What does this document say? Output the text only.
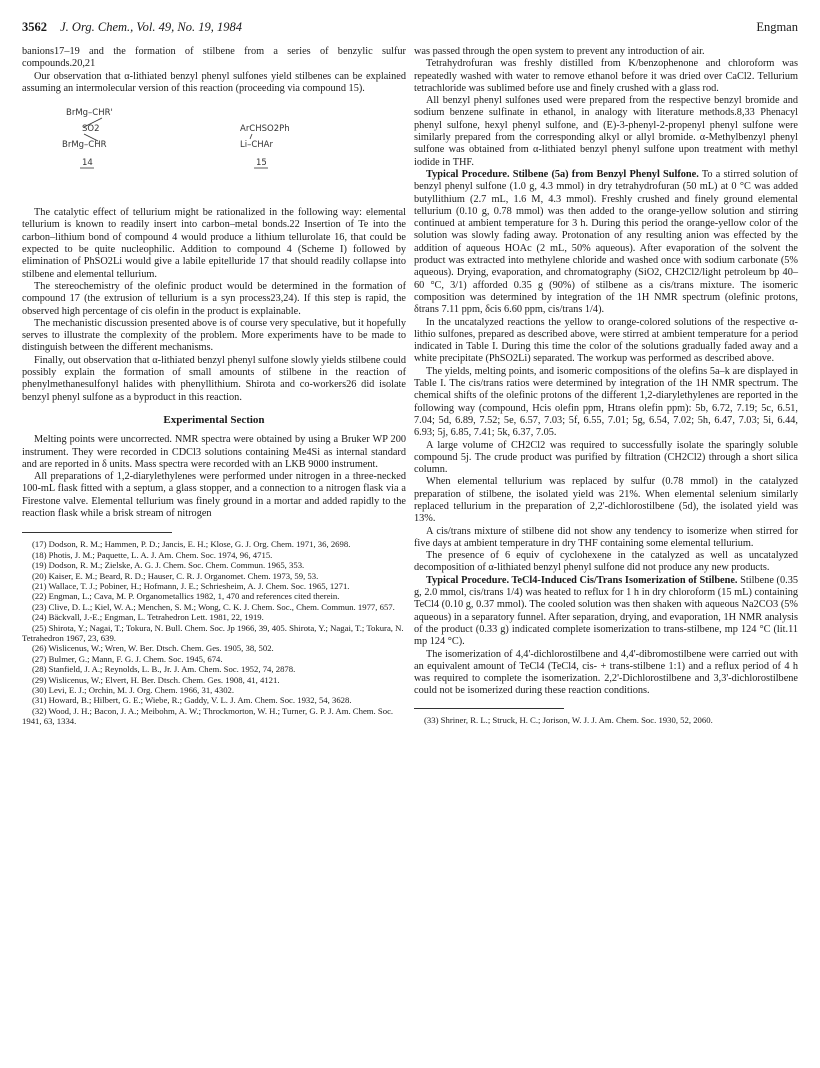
3562 J. Org. Chem., Vol. 49, No. 19, 1984	Engman

banions17–19 and the formation of stilbene from a series of benzylic sulfur compounds.20,21

Our observation that α-lithiated benzyl phenyl sulfones yield stilbenes can be explained assuming an intermolecular version of this reaction (proceeding via compound 15).

BrMg–CHR'
SO2
BrMg–CHR
14
ArCHSO2Ph
Li–CHAr
15

The catalytic effect of tellurium might be rationalized in the following way: elemental tellurium is known to readily insert into carbon–metal bonds.22 Insertion of Te into the carbon–lithium bond of compound 4 would produce a lithium tellurolate 16, that could be expected to be quite nucleophilic. Addition to compound 4 (Scheme I) followed by elimination of PhSO2Li would give a labile epitelluride 17 that should readily collapse into stilbene and elemental tellurium.

The stereochemistry of the olefinic product would be determined in the formation of compound 17 (the extrusion of tellurium is a syn process23,24). If this step is rapid, the observed high percentage of cis olefin in the product is explainable.

The mechanistic discussion presented above is of course very speculative, but it hopefully serves to illustrate the complexity of the problem. More experiments have to be made to distinguish between the different mechanisms.

Finally, out observation that α-lithiated benzyl phenyl sulfone slowly yields stilbene could possibly explain the formation of small amounts of stilbene in the reaction of phenylmethanesulfonyl halides with phenyllithium. Shirota and co-workers26 did isolate benzyl phenyl sulfone as a byproduct in this reaction.

Experimental Section

Melting points were uncorrected. NMR spectra were obtained by using a Bruker WP 200 instrument. They were recorded in CDCl3 solutions containing Me4Si as internal standard and are reported in δ units. Mass spectra were recorded with an LKB 9000 instrument.

All preparations of 1,2-diarylethylenes were performed under nitrogen in a three-necked 100-mL flask fitted with a septum, a glass stopper, and a connection to a nitrogen flask via a Firestone valve. Elemental tellurium was finely ground in a mortar and added rapidly to the reaction flask while a brisk stream of nitrogen

(17) Dodson, R. M.; Hammen, P. D.; Jancis, E. H.; Klose, G. J. Org. Chem. 1971, 36, 2698.
(18) Photis, J. M.; Paquette, L. A. J. Am. Chem. Soc. 1974, 96, 4715.
(19) Dodson, R. M.; Zielske, A. G. J. Chem. Soc. Chem. Commun. 1965, 353.
(20) Kaiser, E. M.; Beard, R. D.; Hauser, C. R. J. Organomet. Chem. 1973, 59, 53.
(21) Wallace, T. J.; Pobiner, H.; Hofmann, J. E.; Schriesheim, A. J. Chem. Soc. 1965, 1271.
(22) Engman, L.; Cava, M. P. Organometallics 1982, 1, 470 and references cited therein.
(23) Clive, D. L.; Kiel, W. A.; Menchen, S. M.; Wong, C. K. J. Chem. Soc., Chem. Commun. 1977, 657.
(24) Bäckvall, J.-E.; Engman, L. Tetrahedron Lett. 1981, 22, 1919.
(25) Shirota, Y.; Nagai, T.; Tokura, N. Bull. Chem. Soc. Jp 1966, 39, 405. Shirota, Y.; Nagai, T.; Tokura, N. Tetrahedron 1967, 23, 639.
(26) Wislicenus, W.; Wren, W. Ber. Dtsch. Chem. Ges. 1905, 38, 502.
(27) Bulmer, G.; Mann, F. G. J. Chem. Soc. 1945, 674.
(28) Stanfield, J. A.; Reynolds, L. B., Jr. J. Am. Chem. Soc. 1952, 74, 2878.
(29) Wislicenus, W.; Elvert, H. Ber. Dtsch. Chem. Ges. 1908, 41, 4121.
(30) Levi, E. J.; Orchin, M. J. Org. Chem. 1966, 31, 4302.
(31) Howard, B.; Hilbert, G. E.; Wiebe, R.; Gaddy, V. L. J. Am. Chem. Soc. 1932, 54, 3628.
(32) Wood, J. H.; Bacon, J. A.; Meibohm, A. W.; Throckmorton, W. H.; Turner, G. P. J. Am. Chem. Soc. 1941, 63, 1334.

was passed through the open system to prevent any introduction of air.

Tetrahydrofuran was freshly distilled from K/benzophenone and chloroform was repeatedly washed with water to remove ethanol before it was dried over CaCl2. Tellurium tetrachloride was sublimed before use and finely crushed with a glass rod.

All benzyl phenyl sulfones used were prepared from the respective benzyl bromide and sodium benzene sulfinate in ethanol, in analogy with literature methods.8,33 Phenacyl phenyl sulfone, hexyl phenyl sulfone, and (E)-3-phenyl-2-propenyl phenyl sulfone were similarly prepared from the corresponding alkyl or allyl bromide. α-Methylbenzyl phenyl sulfone was obtained from α-lithiated benzyl phenyl sulfone upon treatment with methyl iodide in THF.

Typical Procedure. Stilbene (5a) from Benzyl Phenyl Sulfone. To a stirred solution of benzyl phenyl sulfone (1.0 g, 4.3 mmol) in dry tetrahydrofuran (50 mL) at 0 °C was added butyllithium (2.7 mL, 1.6 M, 4.3 mmol). Freshly crushed and finely ground elemental tellurium (0.10 g, 0.78 mmol) was then added to the orange-yellow solution and stirring continued at ambient temperature for 3 h. During this period the orange-yellow color of the solution was slowly fading away. Protonation of any resulting anion was effected by the addition of aqueous HOAc (2 mL, 50% aqueous). After evaporation of the solvent the product was extracted into methylene chloride and washed once with sodium carbonate (5% aqueous). Drying, evaporation, and chromatography (SiO2, CH2Cl2/light petroleum bp 40–60 °C, 3/1) afforded 0.35 g (90%) of stilbene as a cis/trans mixture. The isomeric composition was determined by integration of the 1H NMR spectrum (olefinic protons, δtrans 7.11 ppm, δcis 6.60 ppm, cis/trans 1/4).

In the uncatalyzed reactions the yellow to orange-colored solutions of the respective α-lithio sulfones, prepared as described above, were stirred at ambient temperature for a period indicated in Table I. During this time the color of the solutions gradually faded away and a white precipitate (PhSO2Li) separated. The workup was performed as described above.

The yields, melting points, and isomeric compositions of the olefins 5a–k are displayed in Table I. The cis/trans ratios were determined by integration of the 1H NMR spectrum. The chemical shifts of the olefinic protons of the different 1,2-diarylethylenes are reported in the following way (compound, Hcis olefin ppm, Htrans olefin ppm): 5b, 6.72, 7.19; 5c, 6.51, 7.04; 5d, 6.89, 7.52; 5e, 6.57, 7.03; 5f, 6.55, 7.01; 5g, 6.54, 7.02; 5h, 6.47, 7.03; 5i, 6.44, 6.93; 5j, 6.85, 7.41; 5k, 6.37, 7.05.

A large volume of CH2Cl2 was required to successfully isolate the sparingly soluble compound 5j. The crude product was purified by filtration (CH2Cl2) through a short silica column.

When elemental tellurium was replaced by sulfur (0.78 mmol) in the catalyzed preparation of stilbene, the isolated yield was 21%. When elemental selenium similarly replaced tellurium in the preparation of 2,2'-dichlorostilbene (5d), the isolated yield was 13%.

A cis/trans mixture of stilbene did not show any tendency to isomerize when stirred for five days at ambient temperature in dry THF containing some elemental tellurium.

The presence of 6 equiv of cyclohexene in the catalyzed as well as uncatalyzed decomposition of α-lithiated benzyl phenyl sulfone did not produce any new products.

Typical Procedure. TeCl4-Induced Cis/Trans Isomerization of Stilbene. Stilbene (0.35 g, 2.0 mmol, cis/trans 1/4) was heated to reflux for 1 h in dry chloroform (15 mL) containing TeCl4 (0.10 g, 0.37 mmol). The cooled solution was then shaken with aqueous Na2CO3 (5% aqueous) in a separatory funnel. After separation, drying, and evaporation, 1H NMR analysis of the product (0.33 g) indicated complete isomerization to trans-stilbene, mp 124 °C (lit.11 mp 124 °C).

The isomerization of 4,4'-dichlorostilbene and 4,4'-dibromostilbene were carried out with an equivalent amount of TeCl4 (TeCl4, cis- + trans-stilbene 1:1) and a reflux period of 4 h was required to complete the isomerization. 2,2'-Dichlorostilbene and 3,3'-dichlorostilbene could not be isomerized during these reaction conditions.

(33) Shriner, R. L.; Struck, H. C.; Jorison, W. J. J. Am. Chem. Soc. 1930, 52, 2060.
